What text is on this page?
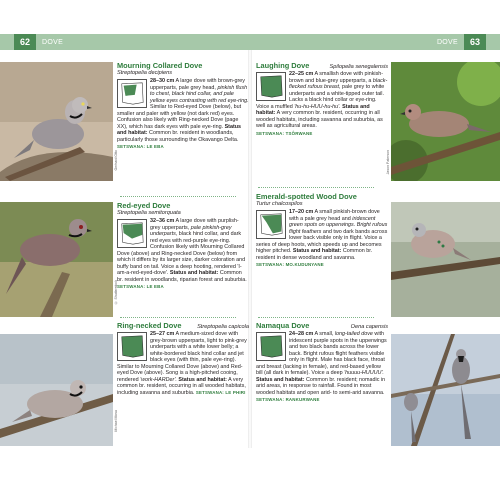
62	DOVE	DOVE	63
Gerhard Otto
© Shutterstock
Michael Mosa
Jason Paterson
Mourning Collared Dove
Streptopelia decipiens
28–30 cm A large dove with brown-grey upperparts, pale grey head, pinkish flush to chest, black hind collar, and pale yellow eyes contrasting with red eye-ring. Similar to Red-eyed Dove (below), but smaller and paler with yellow (not dark red) eyes. Confusion also likely with Ring-necked Dove (page XX), which has dark eyes with pale eye-ring. Status and habitat: Common br. resident in woodlands, particularly those surrounding the Okavango Delta.
SETSWANA: LE EBA
Red-eyed Dove
Streptopelia semitorquata
32–36 cm A large dove with purplish-grey upperparts, pale pinkish-grey underparts, black hind collar, and dark red eyes with red-purple eye-ring. Confusion likely with Mourning Collared Dove (above) and Ring-necked Dove (below) from which it differs by its larger size, darker coloration and buffy band on tail. Voice a deep hooting, rendered 'I-am-a-red-eyed-dove'. Status and habitat: Common br. resident in woodlands, riparian forest and suburbia.
SETSWANA: LE EBA
Ring-necked Dove	Streptopelia capicola
25–27 cm A medium-sized dove with grey-brown upperparts, light to pink-grey underparts with a white lower belly; a white-bordered black hind collar and jet black eyes (with thin, pale eye-ring). Similar to Mourning Collared Dove (above) and Red-eyed Dove (above). Song is a high-pitched cooing, rendered 'work-HARDer'. Status and habitat: A very common br. resident, occurring in all wooded habitats, including savanna and suburbia. SETSWANA: LE PHIRI
Laughing Dove	Spilopelia senegalensis
22–25 cm A smallish dove with pinkish-brown and blue-grey upperparts, a black-flecked rufous breast, pale grey to white underparts and a white-tipped outer tail. Lacks a black hind collar or eye-ring. Voice a muffled 'hu-hu-HUU-hu-hu'. Status and habitat: A very common br. resident, occurring in all wooded habitats, including savanna and suburbia, as well as agricultural areas.
SETSWANA: TSÔRWANE
Emerald-spotted Wood Dove
Turtur chalcospilos
17–20 cm A small pinkish-brown dove with a pale grey head and iridescent green spots on upperwings. Bright rufous flight feathers and two dark bands across lower back visible only in flight. Voice a series of deep hoots, which speeds up and becomes higher pitched. Status and habitat: Common br. resident in dense woodland and savanna.
SETSWANA: MO.KUDUNYANE
Namaqua Dove	Oena capensis
24–28 cm A small, long-tailed dove with iridescent purple spots in the upperwings and two black bands across the lower back. Bright rufous flight feathers visible only in flight. Male has black face, throat and breast (lacking in female), and red-based yellow bill (all dark in female). Voice a deep 'huuuu-HUUUU'. Status and habitat: Common br. resident; nomadic in arid areas, in response to rainfall. Found in most wooded habitats and open arid- to semi-arid savanna.
SETSWANA: RANKURWANE
